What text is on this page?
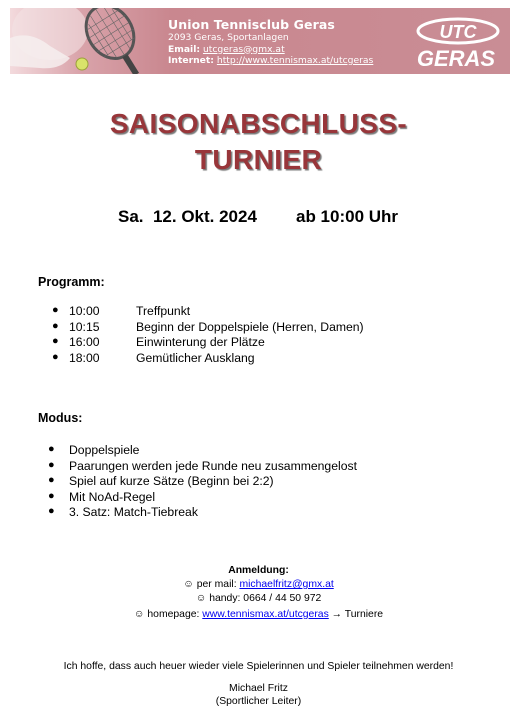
Union Tennisclub Geras
2093 Geras, Sportanlagen
Email: utcgeras@gmx.at
Internet: http://www.tennismax.at/utcgeras
UTC
GERAS
SAISONABSCHLUSS-
TURNIER
Sa.  12. Okt. 2024 ab 10:00 Uhr
Programm:
● 10:00	Treffpunkt
● 10:15	Beginn der Doppelspiele (Herren, Damen)
● 16:00	Einwinterung der Plätze
● 18:00	Gemütlicher Ausklang
Modus:
● Doppelspiele
● Paarungen werden jede Runde neu zusammengelost
● Spiel auf kurze Sätze (Beginn bei 2:2)
● Mit NoAd-Regel
● 3. Satz: Match-Tiebreak
Anmeldung:
☺ per mail: michaelfritz@gmx.at
☺ handy: 0664 / 44 50 972
☺ homepage: www.tennismax.at/utcgeras → Turniere
Ich hoffe, dass auch heuer wieder viele Spielerinnen und Spieler teilnehmen werden!
Michael Fritz
(Sportlicher Leiter)
